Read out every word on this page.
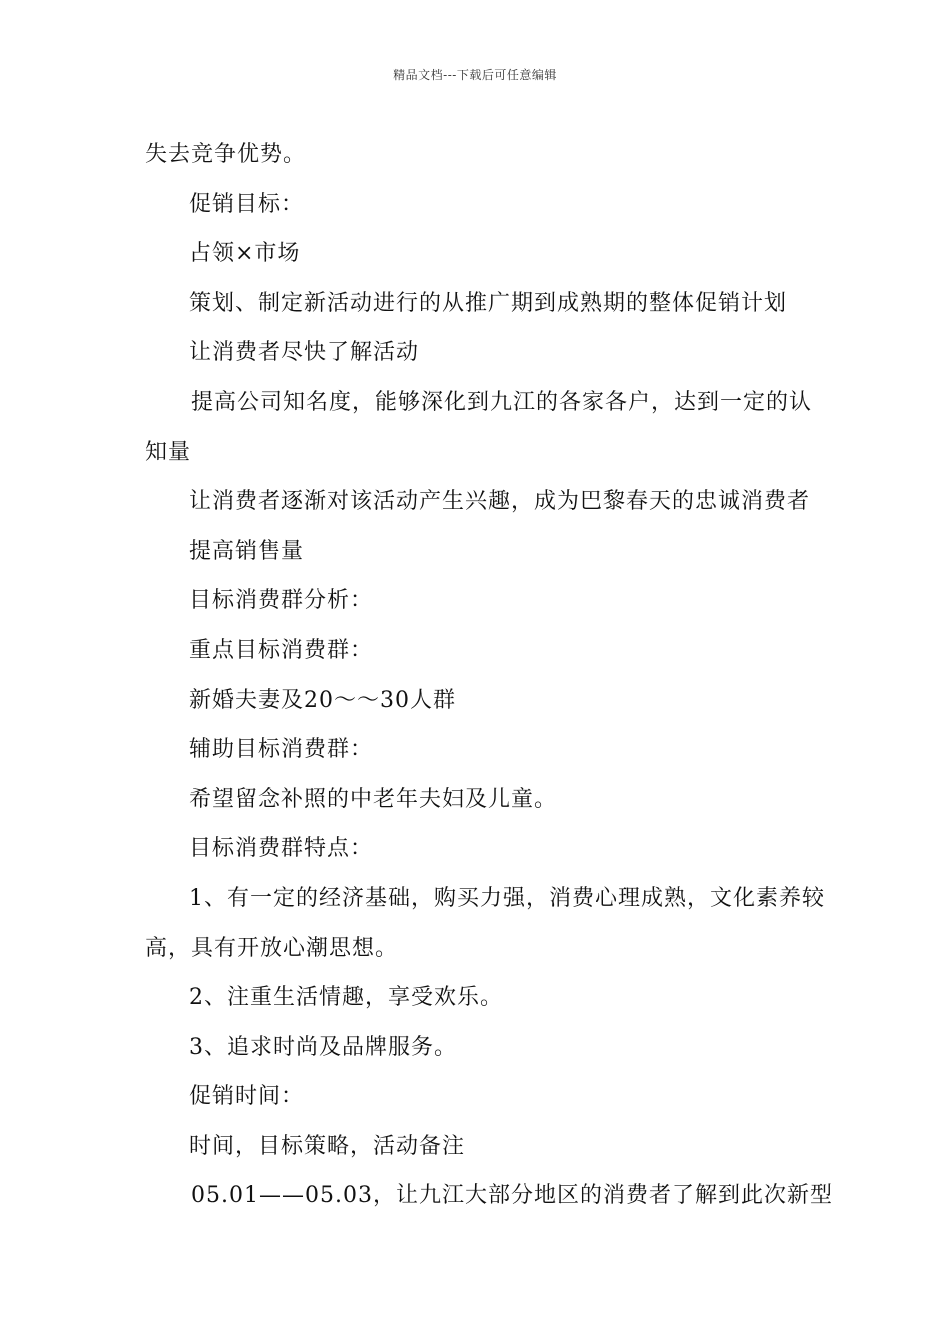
精品文档---下载后可任意编辑
失去竞争优势。
促销目标：
占领×市场
策划、制定新活动进行的从推广期到成熟期的整体促销计划
让消费者尽快了解活动
提高公司知名度，能够深化到九江的各家各户，达到一定的认
知量
让消费者逐渐对该活动产生兴趣，成为巴黎春天的忠诚消费者
提高销售量
目标消费群分析：
重点目标消费群：
新婚夫妻及20～～30人群
辅助目标消费群：
希望留念补照的中老年夫妇及儿童。
目标消费群特点：
1、有一定的经济基础，购买力强，消费心理成熟，文化素养较
高，具有开放心潮思想。
2、注重生活情趣，享受欢乐。
3、追求时尚及品牌服务。
促销时间：
时间，目标策略，活动备注
05.01——05.03，让九江大部分地区的消费者了解到此次新型
